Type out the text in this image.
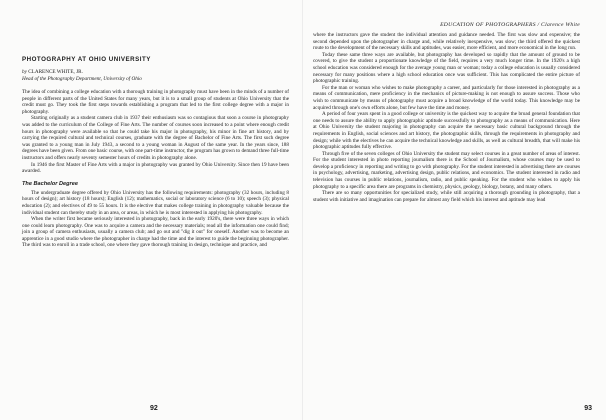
PHOTOGRAPHY AT OHIO UNIVERSITY
by CLARENCE WHITE, JR.
Head of the Photography Department, University of Ohio

The idea of combining a college education with a thorough training in photography must have been in the minds of a number of people in different parts of the United States for many years, but it is to a small group of students at Ohio University that the credit must go. They took the first steps towards establishing a program that led to the first college degree with a major in photography.

Starting originally as a student camera club in 1937 their enthusiasm was so contagious that soon a course in photography was added to the curriculum of the College of Fine Arts. The number of courses soon increased to a point where enough credit hours in photography were available so that he could take his major in photography, his minor in fine art history, and by carrying the required cultural and technical courses, graduate with the degree of Bachelor of Fine Arts. The first such degree was granted to a young man in July 1943, a second to a young woman in August of the same year. In the years since, 188 degrees have been given. From one basic course, with one part-time instructor, the program has grown to demand three full-time instructors and offers nearly seventy semester hours of credits in photography alone.

In 1946 the first Master of Fine Arts with a major in photography was granted by Ohio University. Since then 19 have been awarded.

The Bachelor Degree

The undergraduate degree offered by Ohio University has the following requirements: photography (32 hours, including 8 hours of design); art history (18 hours); English (12); mathematics, social or laboratory science (6 to 10); speech (3); physical education (2); and electives of 49 to 55 hours. It is the elective that makes college training in photography valuable because the individual student can thereby study in an area, or areas, in which he is most interested in applying his photography.

When the writer first became seriously interested in photography, back in the early 1920's, there were three ways in which one could learn photography. One was to acquire a camera and the necessary materials; read all the information one could find; join a group of camera enthusiasts, usually a camera club; and go out and "dig it out" for oneself. Another was to become an apprentice in a good studio where the photographer in charge had the time and the interest to guide the beginning photographer. The third was to enroll in a trade school, one where they gave thorough training in design, technique and practice, and

92
EDUCATION OF PHOTOGRAPHERS / Clarence White

where the instructors gave the student the individual attention and guidance needed. The first was slow and expensive; the second depended upon the photographer in charge and, while relatively inexpensive, was slow; the third offered the quickest route to the development of the necessary skills and aptitudes, was easier, more efficient, and more economical in the long run.

Today these same three ways are available, but photography has developed so rapidly that the amount of ground to be covered, to give the student a proportionate knowledge of the field, requires a very much longer time. In the 1920's a high school education was considered enough for the average young man or woman; today a college education is usually considered necessary for many positions where a high school education once was sufficient. This has complicated the entire picture of photographic training.

For the man or woman who wishes to make photography a career, and particularly for those interested in photography as a means of communication, mere proficiency in the mechanics of picture-making is not enough to assure success. Those who wish to communicate by means of photography must acquire a broad knowledge of the world today. This knowledge may be acquired through one's own efforts alone, but few have the time and money.

A period of four years spent in a good college or university is the quickest way to acquire the broad general foundation that one needs to assure the ability to apply photographic aptitude successfully to photography as a means of communication. Here at Ohio University the student majoring in photography can acquire the necessary basic cultural background through the requirements in English, social sciences and art history, the photographic skills, through the requirements in photography and design; while with the electives he can acquire the technical knowledge and skills, as well as cultural breadth, that will make his photographic aptitudes fully effective.

Through five of the seven colleges of Ohio University the student may select courses in a great number of areas of interest. For the student interested in photo reporting journalism there is the School of Journalism, whose courses may be used to develop a proficiency in reporting and writing to go with photography. For the student interested in advertising there are courses in psychology, advertising, marketing, advertising design, public relations, and economics. The student interested in radio and television has courses in public relations, journalism, radio, and public speaking. For the student who wishes to apply his photography to a specific area there are programs in chemistry, physics, geology, biology, botany, and many others.

There are so many opportunities for specialized study, while still acquiring a thorough grounding in photography, that a student with initiative and imagination can prepare for almost any field which his interest and aptitude may lead

93
